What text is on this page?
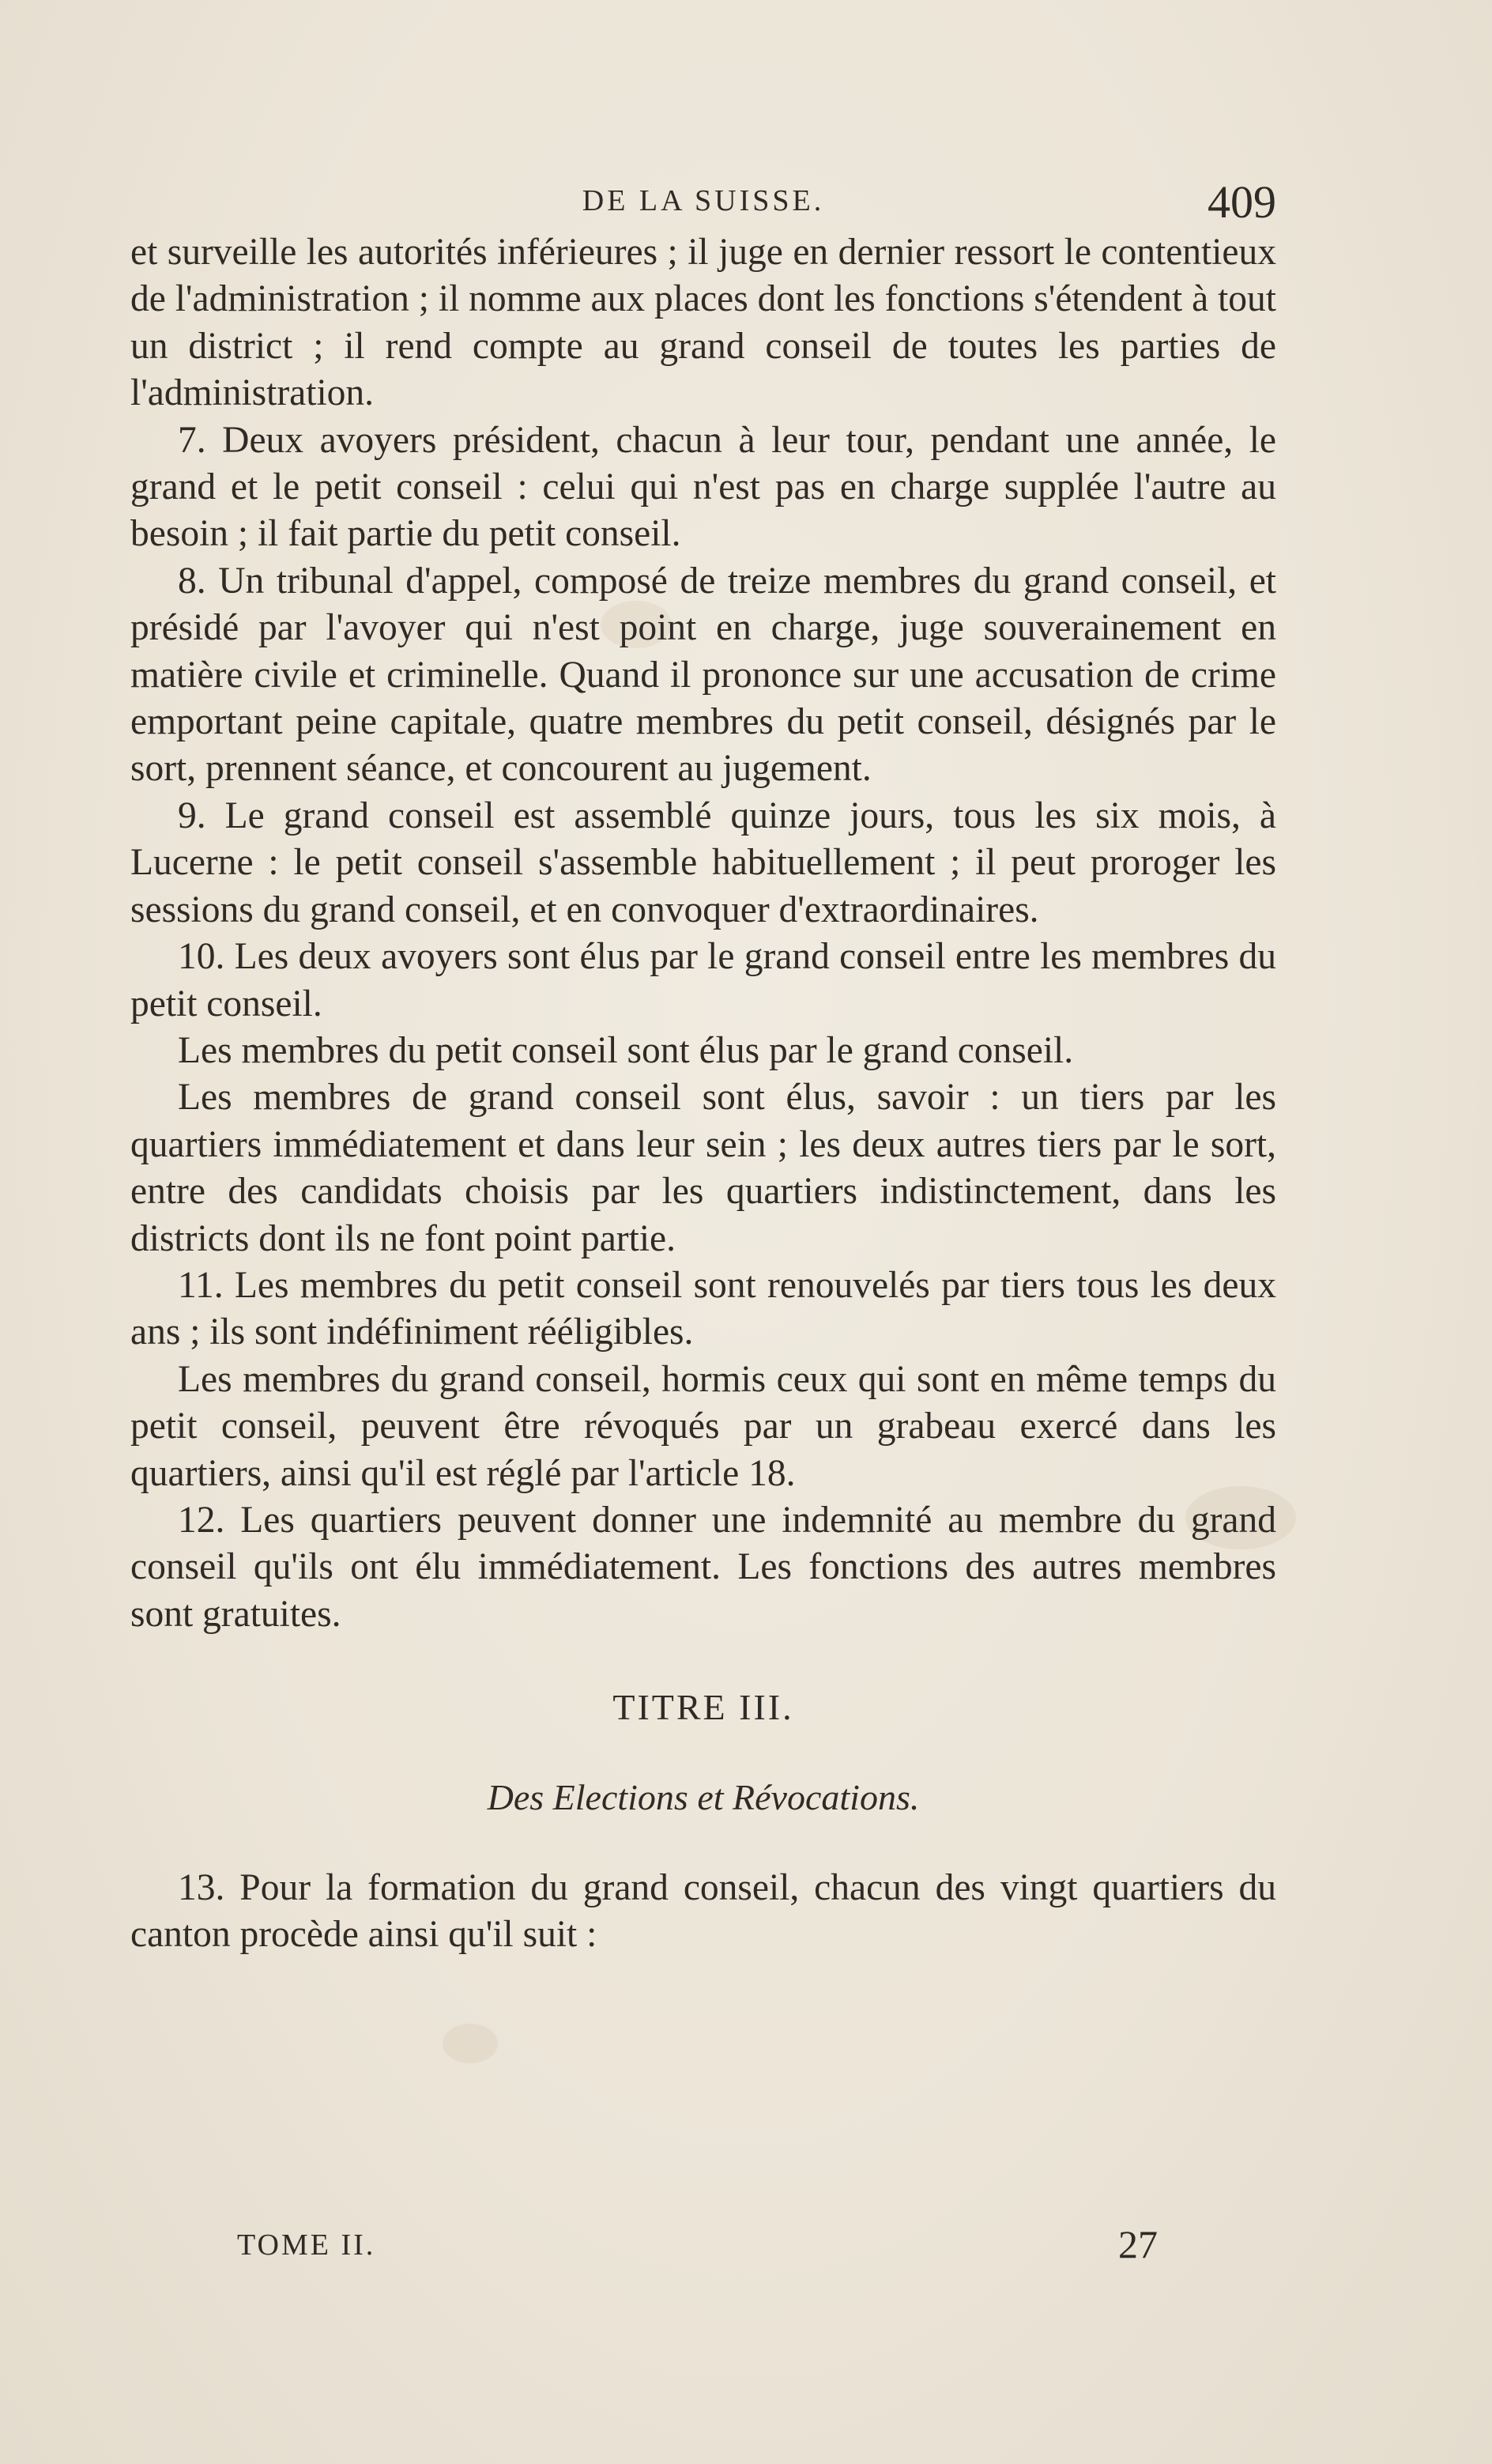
DE LA SUISSE.	409

et surveille les autorités inférieures ; il juge en dernier ressort le contentieux de l'administration ; il nomme aux places dont les fonctions s'étendent à tout un district ; il rend compte au grand conseil de toutes les parties de l'administration.

7. Deux avoyers président, chacun à leur tour, pendant une année, le grand et le petit conseil : celui qui n'est pas en charge supplée l'autre au besoin ; il fait partie du petit conseil.

8. Un tribunal d'appel, composé de treize membres du grand conseil, et présidé par l'avoyer qui n'est point en charge, juge souverainement en matière civile et criminelle. Quand il prononce sur une accusation de crime emportant peine capitale, quatre membres du petit conseil, désignés par le sort, prennent séance, et concourent au jugement.

9. Le grand conseil est assemblé quinze jours, tous les six mois, à Lucerne : le petit conseil s'assemble habituellement ; il peut proroger les sessions du grand conseil, et en convoquer d'extraordinaires.

10. Les deux avoyers sont élus par le grand conseil entre les membres du petit conseil.

Les membres du petit conseil sont élus par le grand conseil.

Les membres de grand conseil sont élus, savoir : un tiers par les quartiers immédiatement et dans leur sein ; les deux autres tiers par le sort, entre des candidats choisis par les quartiers indistinctement, dans les districts dont ils ne font point partie.

11. Les membres du petit conseil sont renouvelés par tiers tous les deux ans ; ils sont indéfiniment rééligibles.

Les membres du grand conseil, hormis ceux qui sont en même temps du petit conseil, peuvent être révoqués par un grabeau exercé dans les quartiers, ainsi qu'il est réglé par l'article 18.

12. Les quartiers peuvent donner une indemnité au membre du grand conseil qu'ils ont élu immédiatement. Les fonctions des autres membres sont gratuites.

TITRE III.

Des Elections et Révocations.

13. Pour la formation du grand conseil, chacun des vingt quartiers du canton procède ainsi qu'il suit :

TOME II.	27
